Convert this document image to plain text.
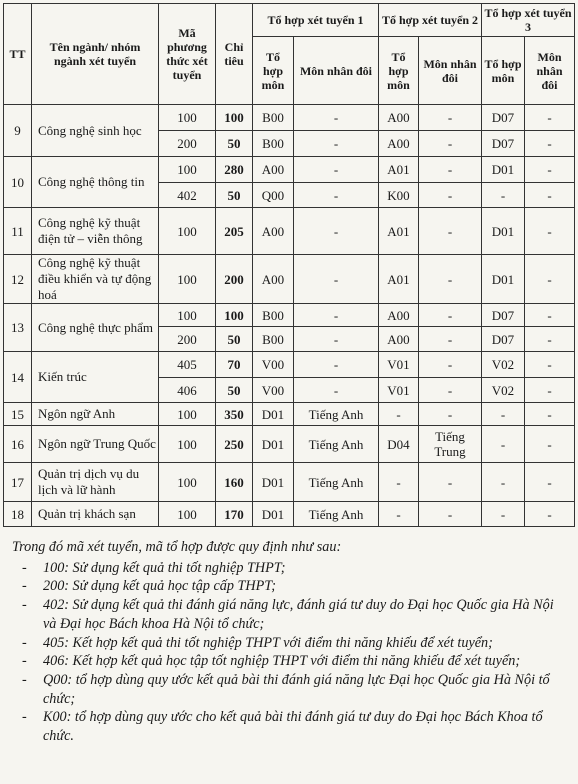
TT	Tên ngành/ nhóm ngành xét tuyển	Mã phương thức xét tuyển	Chỉ tiêu	Tổ hợp xét tuyển 1		Tổ hợp xét tuyển 2		Tổ hợp xét tuyển 3	
				Tổ hợp môn	Môn nhân đôi	Tổ hợp môn	Môn nhân đôi	Tổ hợp môn	Môn nhân đôi
9	Công nghệ sinh học	100	100	B00	-	A00	-	D07	-
		200	50	B00	-	A00	-	D07	-
10	Công nghệ thông tin	100	280	A00	-	A01	-	D01	-
		402	50	Q00	-	K00	-	-	-
11	Công nghệ kỹ thuật điện tử – viễn thông	100	205	A00	-	A01	-	D01	-
12	Công nghệ kỹ thuật điều khiển và tự động hoá	100	200	A00	-	A01	-	D01	-
13	Công nghệ thực phẩm	100	100	B00	-	A00	-	D07	-
		200	50	B00	-	A00	-	D07	-
14	Kiến trúc	405	70	V00	-	V01	-	V02	-
		406	50	V00	-	V01	-	V02	-
15	Ngôn ngữ Anh	100	350	D01	Tiếng Anh	-	-	-	-
16	Ngôn ngữ Trung Quốc	100	250	D01	Tiếng Anh	D04	Tiếng Trung	-	-
17	Quản trị dịch vụ du lịch và lữ hành	100	160	D01	Tiếng Anh	-	-	-	-
18	Quản trị khách sạn	100	170	D01	Tiếng Anh	-	-	-	-

Trong đó mã xét tuyển, mã tổ hợp được quy định như sau:

- 100: Sử dụng kết quả thi tốt nghiệp THPT;
- 200: Sử dụng kết quả học tập cấp THPT;
- 402: Sử dụng kết quả thi đánh giá năng lực, đánh giá tư duy do Đại học Quốc gia Hà Nội và Đại học Bách khoa Hà Nội tổ chức;
- 405: Kết hợp kết quả thi tốt nghiệp THPT với điểm thi năng khiếu để xét tuyển;
- 406: Kết hợp kết quả học tập tốt nghiệp THPT với điểm thi năng khiếu để xét tuyển;
- Q00: tổ hợp dùng quy ước kết quả bài thi đánh giá năng lực Đại học Quốc gia Hà Nội tổ chức;
- K00: tổ hợp dùng quy ước cho kết quả bài thi đánh giá tư duy do Đại học Bách Khoa tổ chức.
